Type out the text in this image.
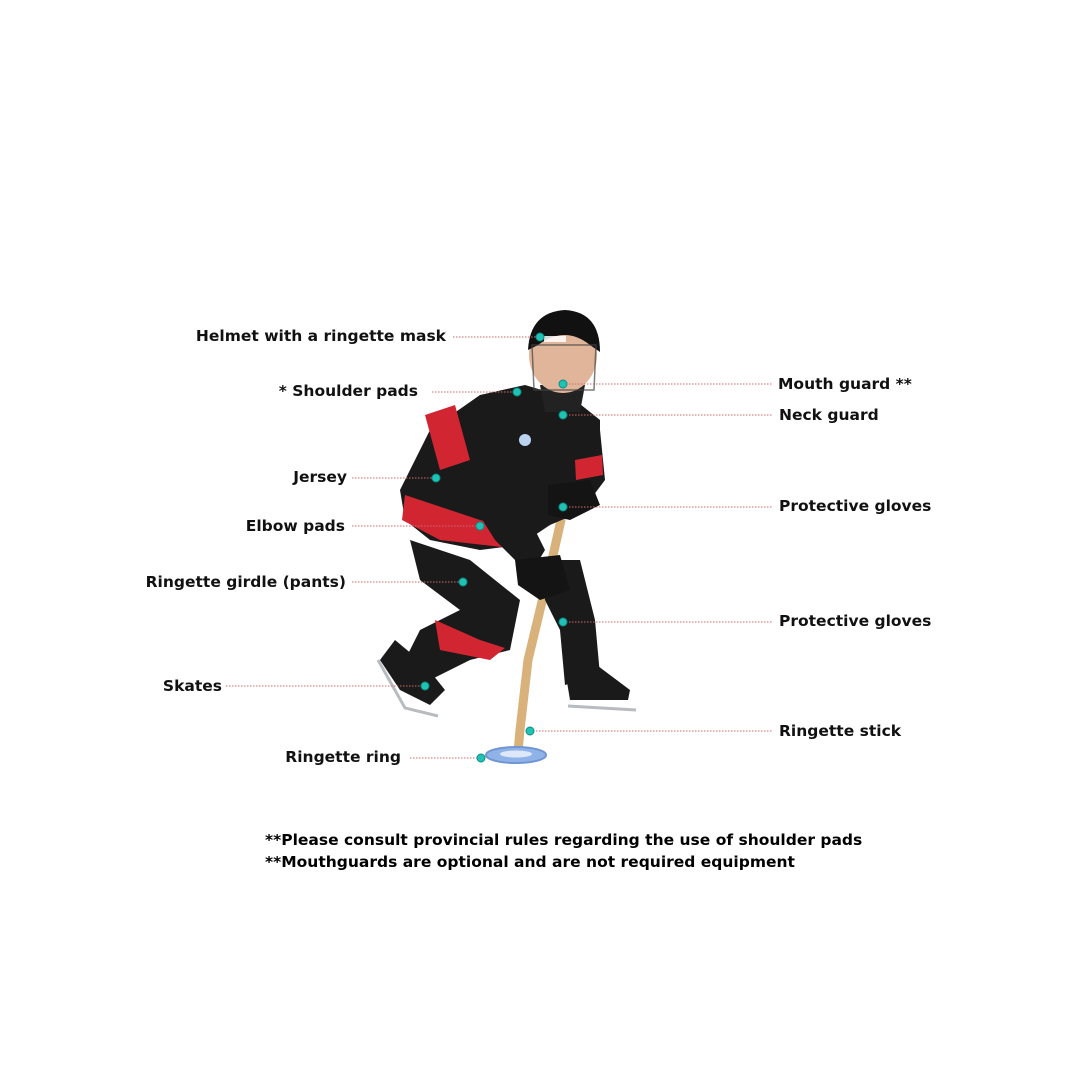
Helmet with a ringette mask
* Shoulder pads
Jersey
Elbow pads
Ringette girdle (pants)
Skates
Ringette ring
Mouth guard **
Neck guard
Protective gloves
Protective gloves
Ringette stick
**Please consult provincial rules regarding the use of shoulder pads
**Mouthguards are optional and are not required equipment
